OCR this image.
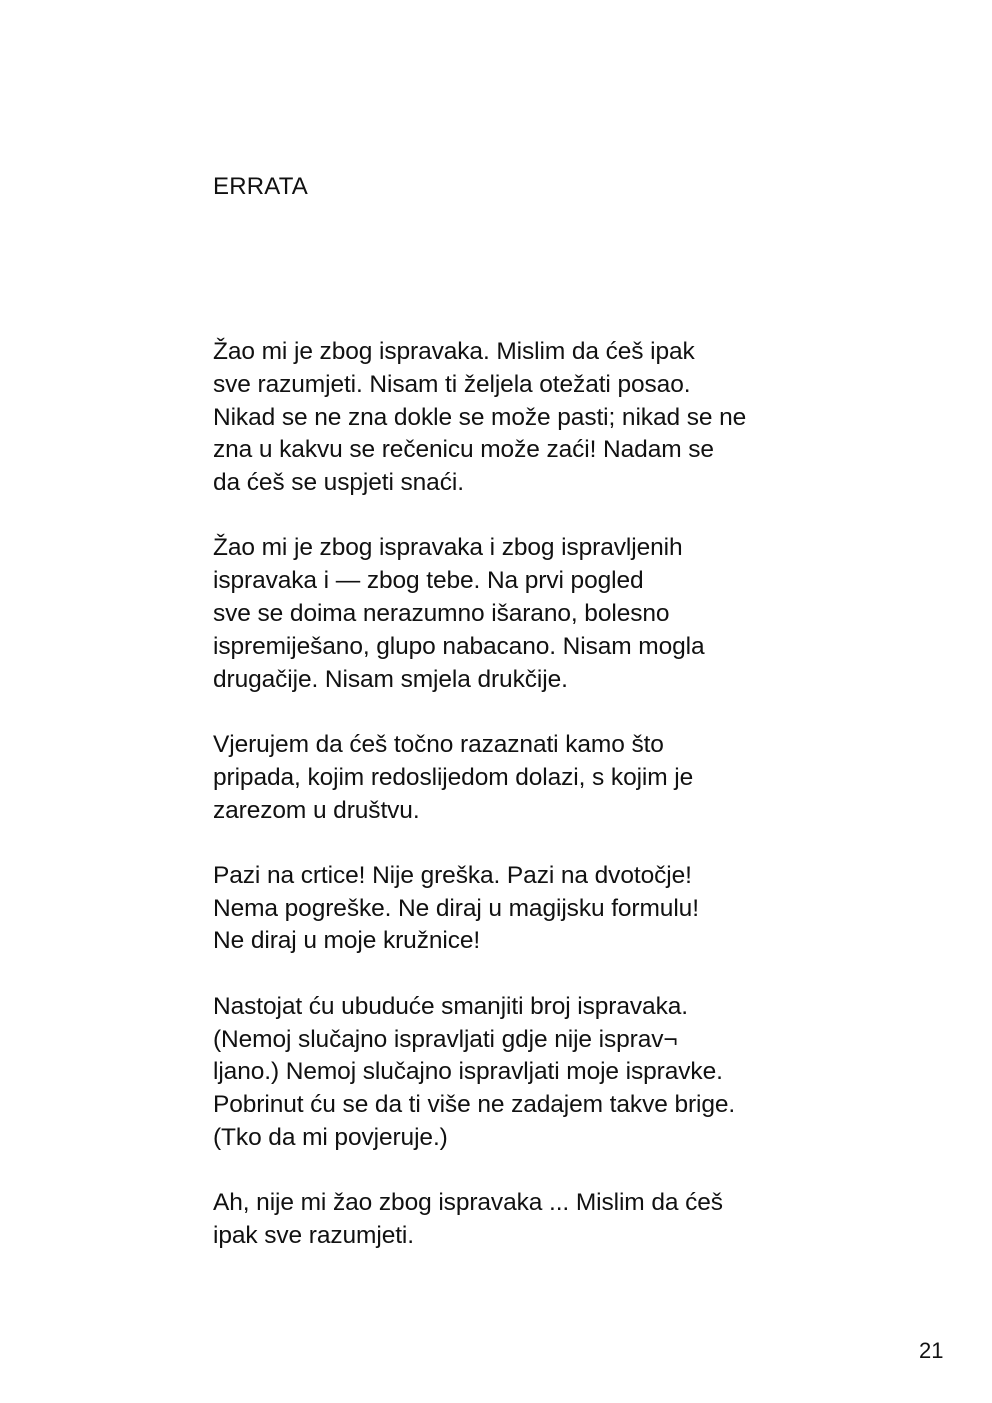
ERRATA

Žao mi je zbog ispravaka. Mislim da ćeš ipak
sve razumjeti. Nisam ti željela otežati posao.
Nikad se ne zna dokle se može pasti; nikad se ne
zna u kakvu se rečenicu može zaći! Nadam se
da ćeš se uspjeti snaći.

Žao mi je zbog ispravaka i zbog ispravljenih
ispravaka i — zbog tebe. Na prvi pogled
sve se doima nerazumno išarano, bolesno
ispremiješano, glupo nabacano. Nisam mogla
drugačije. Nisam smjela drukčije.

Vjerujem da ćeš točno razaznati kamo što
pripada, kojim redoslijedom dolazi, s kojim je
zarezom u društvu.

Pazi na crtice! Nije greška. Pazi na dvotočje!
Nema pogreške. Ne diraj u magijsku formulu!
Ne diraj u moje kružnice!

Nastojat ću ubuduće smanjiti broj ispravaka.
(Nemoj slučajno ispravljati gdje nije isprav¬
ljano.) Nemoj slučajno ispravljati moje ispravke.
Pobrinut ću se da ti više ne zadajem takve brige.
(Tko da mi povjeruje.)

Ah, nije mi žao zbog ispravaka ... Mislim da ćeš
ipak sve razumjeti.

21
